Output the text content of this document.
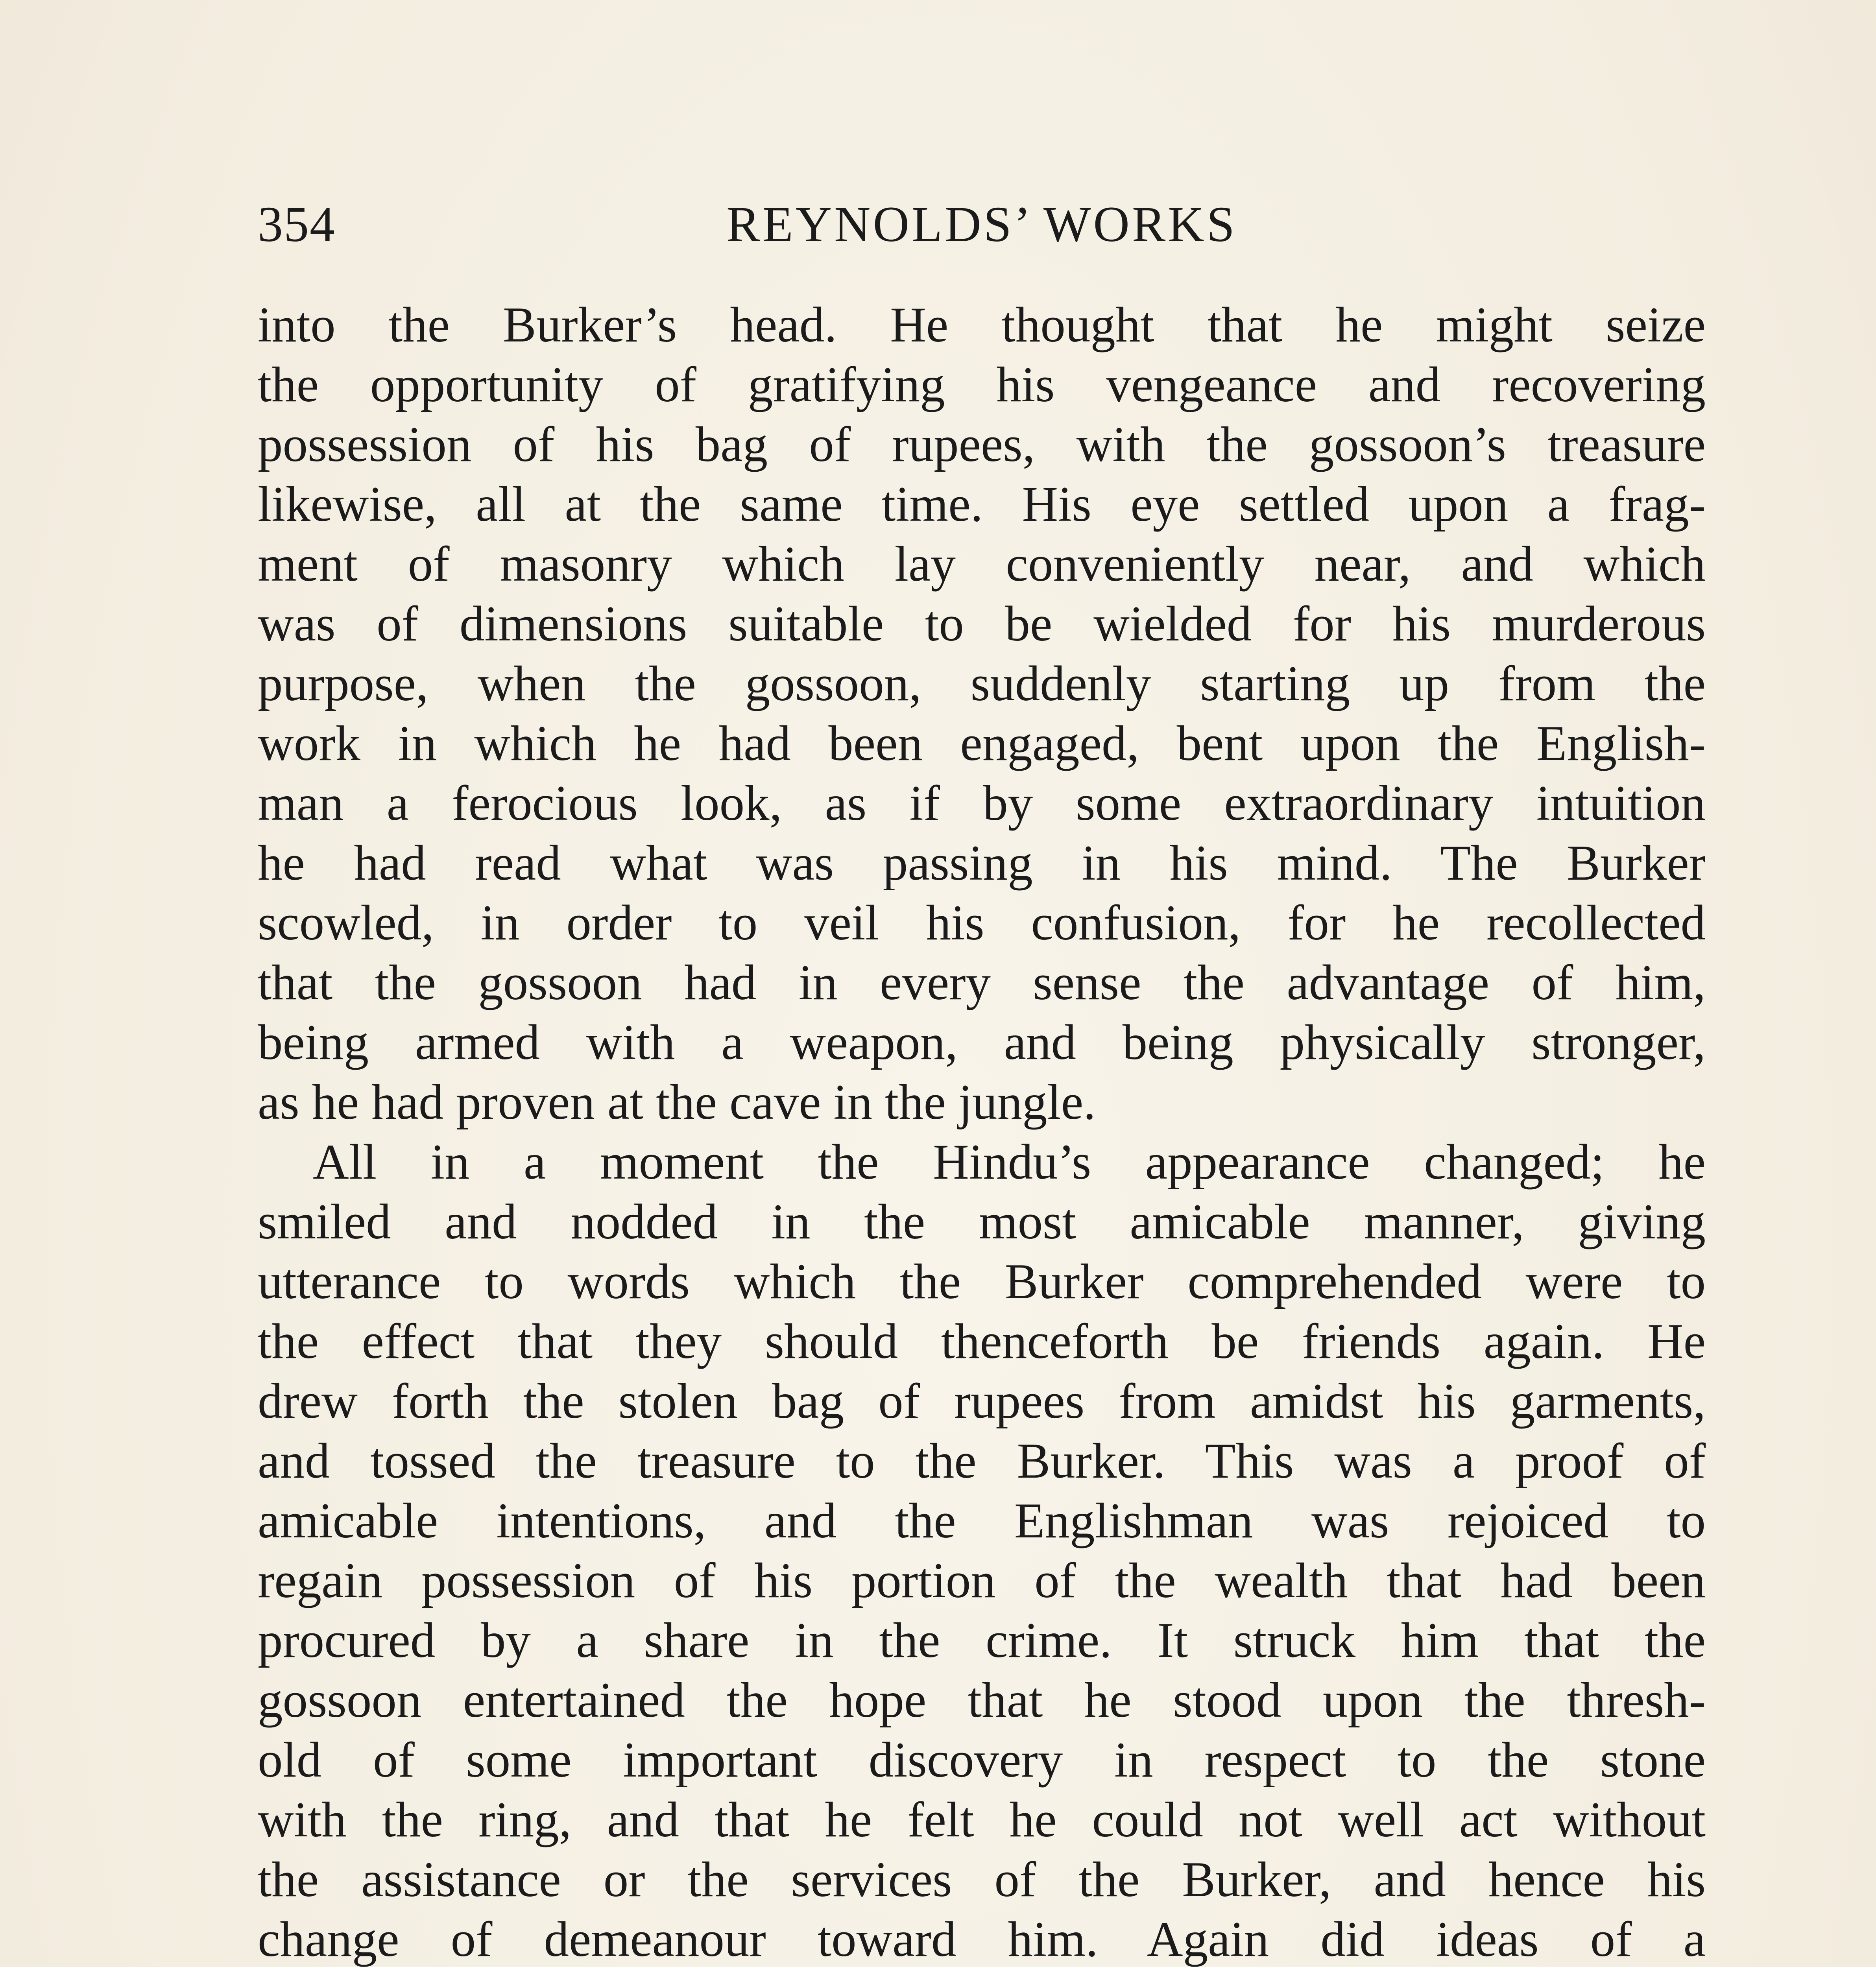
354	REYNOLDS’ WORKS
into the Burker’s head. He thought that he might seize
the opportunity of gratifying his vengeance and recovering
possession of his bag of rupees, with the gossoon’s treasure
likewise, all at the same time. His eye settled upon a frag-
ment of masonry which lay conveniently near, and which
was of dimensions suitable to be wielded for his murderous
purpose, when the gossoon, suddenly starting up from the
work in which he had been engaged, bent upon the English-
man a ferocious look, as if by some extraordinary intuition
he had read what was passing in his mind. The Burker
scowled, in order to veil his confusion, for he recollected
that the gossoon had in every sense the advantage of him,
being armed with a weapon, and being physically stronger,
as he had proven at the cave in the jungle.
All in a moment the Hindu’s appearance changed; he
smiled and nodded in the most amicable manner, giving
utterance to words which the Burker comprehended were to
the effect that they should thenceforth be friends again. He
drew forth the stolen bag of rupees from amidst his garments,
and tossed the treasure to the Burker. This was a proof of
amicable intentions, and the Englishman was rejoiced to
regain possession of his portion of the wealth that had been
procured by a share in the crime. It struck him that the
gossoon entertained the hope that he stood upon the thresh-
old of some important discovery in respect to the stone
with the ring, and that he felt he could not well act without
the assistance or the services of the Burker, and hence his
change of demeanour toward him. Again did ideas of a
